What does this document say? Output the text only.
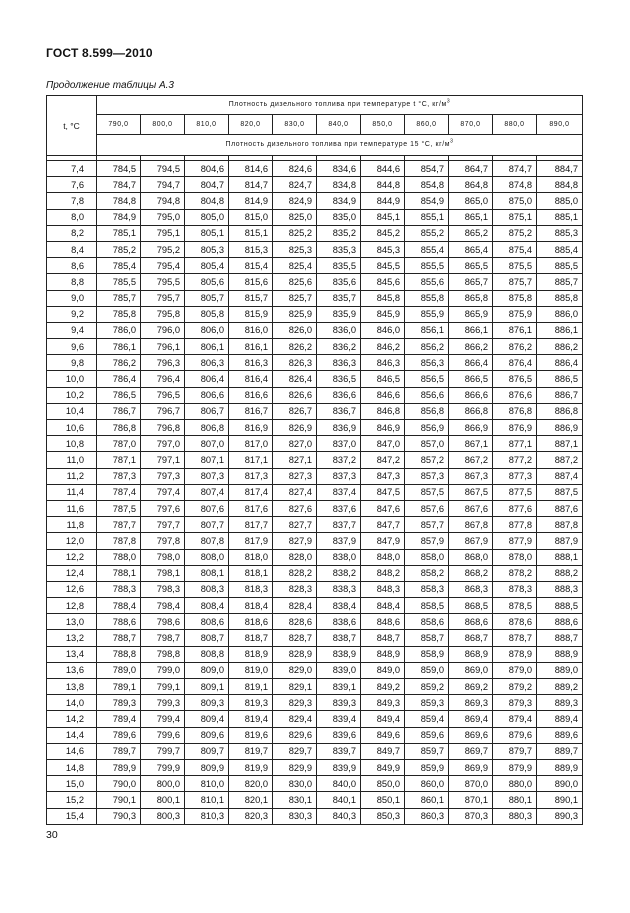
ГОСТ 8.599—2010
Продолжение таблицы А.3
t, °C	Плотность дизельного топлива при температуре t °C, $кг/м^3$
	790,0	800,0	810,0	820,0	830,0	840,0	850,0	860,0	870,0	880,0	890,0
	Плотность дизельного топлива при температуре 15 °C, $кг/м^3$

7,4	784,5	794,5	804,6	814,6	824,6	834,6	844,6	854,7	864,7	874,7	884,7
7,6	784,7	794,7	804,7	814,7	824,7	834,8	844,8	854,8	864,8	874,8	884,8
7,8	784,8	794,8	804,8	814,9	824,9	834,9	844,9	854,9	865,0	875,0	885,0
8,0	784,9	795,0	805,0	815,0	825,0	835,0	845,1	855,1	865,1	875,1	885,1
8,2	785,1	795,1	805,1	815,1	825,2	835,2	845,2	855,2	865,2	875,2	885,3
8,4	785,2	795,2	805,3	815,3	825,3	835,3	845,3	855,4	865,4	875,4	885,4
8,6	785,4	795,4	805,4	815,4	825,4	835,5	845,5	855,5	865,5	875,5	885,5
8,8	785,5	795,5	805,6	815,6	825,6	835,6	845,6	855,6	865,7	875,7	885,7
9,0	785,7	795,7	805,7	815,7	825,7	835,7	845,8	855,8	865,8	875,8	885,8
9,2	785,8	795,8	805,8	815,9	825,9	835,9	845,9	855,9	865,9	875,9	886,0
9,4	786,0	796,0	806,0	816,0	826,0	836,0	846,0	856,1	866,1	876,1	886,1
9,6	786,1	796,1	806,1	816,1	826,2	836,2	846,2	856,2	866,2	876,2	886,2
9,8	786,2	796,3	806,3	816,3	826,3	836,3	846,3	856,3	866,4	876,4	886,4
10,0	786,4	796,4	806,4	816,4	826,4	836,5	846,5	856,5	866,5	876,5	886,5
10,2	786,5	796,5	806,6	816,6	826,6	836,6	846,6	856,6	866,6	876,6	886,7
10,4	786,7	796,7	806,7	816,7	826,7	836,7	846,8	856,8	866,8	876,8	886,8
10,6	786,8	796,8	806,8	816,9	826,9	836,9	846,9	856,9	866,9	876,9	886,9
10,8	787,0	797,0	807,0	817,0	827,0	837,0	847,0	857,0	867,1	877,1	887,1
11,0	787,1	797,1	807,1	817,1	827,1	837,2	847,2	857,2	867,2	877,2	887,2
11,2	787,3	797,3	807,3	817,3	827,3	837,3	847,3	857,3	867,3	877,3	887,4
11,4	787,4	797,4	807,4	817,4	827,4	837,4	847,5	857,5	867,5	877,5	887,5
11,6	787,5	797,6	807,6	817,6	827,6	837,6	847,6	857,6	867,6	877,6	887,6
11,8	787,7	797,7	807,7	817,7	827,7	837,7	847,7	857,7	867,8	877,8	887,8
12,0	787,8	797,8	807,8	817,9	827,9	837,9	847,9	857,9	867,9	877,9	887,9
12,2	788,0	798,0	808,0	818,0	828,0	838,0	848,0	858,0	868,0	878,0	888,1
12,4	788,1	798,1	808,1	818,1	828,2	838,2	848,2	858,2	868,2	878,2	888,2
12,6	788,3	798,3	808,3	818,3	828,3	838,3	848,3	858,3	868,3	878,3	888,3
12,8	788,4	798,4	808,4	818,4	828,4	838,4	848,4	858,5	868,5	878,5	888,5
13,0	788,6	798,6	808,6	818,6	828,6	838,6	848,6	858,6	868,6	878,6	888,6
13,2	788,7	798,7	808,7	818,7	828,7	838,7	848,7	858,7	868,7	878,7	888,7
13,4	788,8	798,8	808,8	818,9	828,9	838,9	848,9	858,9	868,9	878,9	888,9
13,6	789,0	799,0	809,0	819,0	829,0	839,0	849,0	859,0	869,0	879,0	889,0
13,8	789,1	799,1	809,1	819,1	829,1	839,1	849,2	859,2	869,2	879,2	889,2
14,0	789,3	799,3	809,3	819,3	829,3	839,3	849,3	859,3	869,3	879,3	889,3
14,2	789,4	799,4	809,4	819,4	829,4	839,4	849,4	859,4	869,4	879,4	889,4
14,4	789,6	799,6	809,6	819,6	829,6	839,6	849,6	859,6	869,6	879,6	889,6
14,6	789,7	799,7	809,7	819,7	829,7	839,7	849,7	859,7	869,7	879,7	889,7
14,8	789,9	799,9	809,9	819,9	829,9	839,9	849,9	859,9	869,9	879,9	889,9
15,0	790,0	800,0	810,0	820,0	830,0	840,0	850,0	860,0	870,0	880,0	890,0
15,2	790,1	800,1	810,1	820,1	830,1	840,1	850,1	860,1	870,1	880,1	890,1
15,4	790,3	800,3	810,3	820,3	830,3	840,3	850,3	860,3	870,3	880,3	890,3
30
